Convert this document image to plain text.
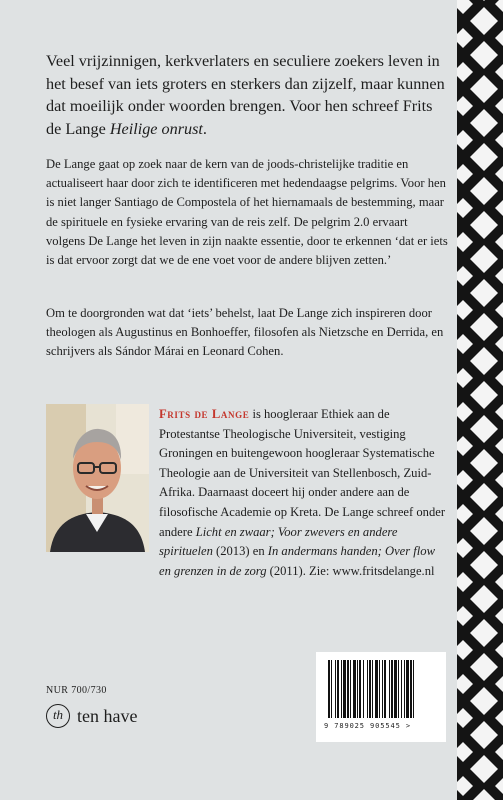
Veel vrijzinnigen, kerkverlaters en seculiere zoekers leven in het besef van iets groters en sterkers dan zijzelf, maar kunnen dat moeilijk onder woorden brengen. Voor hen schreef Frits de Lange Heilige onrust.

De Lange gaat op zoek naar de kern van de joods-christelijke traditie en actualiseert haar door zich te identificeren met hedendaagse pelgrims. Voor hen is niet langer Santiago de Compostela of het hiernamaals de bestemming, maar de spirituele en fysieke ervaring van de reis zelf. De pelgrim 2.0 ervaart volgens De Lange het leven in zijn naakte essentie, door te erkennen ‘dat er iets is dat ervoor zorgt dat we de ene voet voor de andere blijven zetten.’

Om te doorgronden wat dat ‘iets’ behelst, laat De Lange zich inspireren door theologen als Augustinus en Bonhoeffer, filosofen als Nietzsche en Derrida, en schrijvers als Sándor Márai en Leonard Cohen.

Frits de Lange is hoogleraar Ethiek aan de Protestantse Theologische Universiteit, vestiging Groningen en buitengewoon hoogleraar Systematische Theologie aan de Universiteit van Stellenbosch, Zuid-Afrika. Daarnaast doceert hij onder andere aan de filosofische Academie op Kreta. De Lange schreef onder andere Licht en zwaar; Voor zwevers en andere spirituelen (2013) en In andermans handen; Over flow en grenzen in de zorg (2011). Zie: www.fritsdelange.nl

NUR 700/730
th ten have
9 789025 905545 >
